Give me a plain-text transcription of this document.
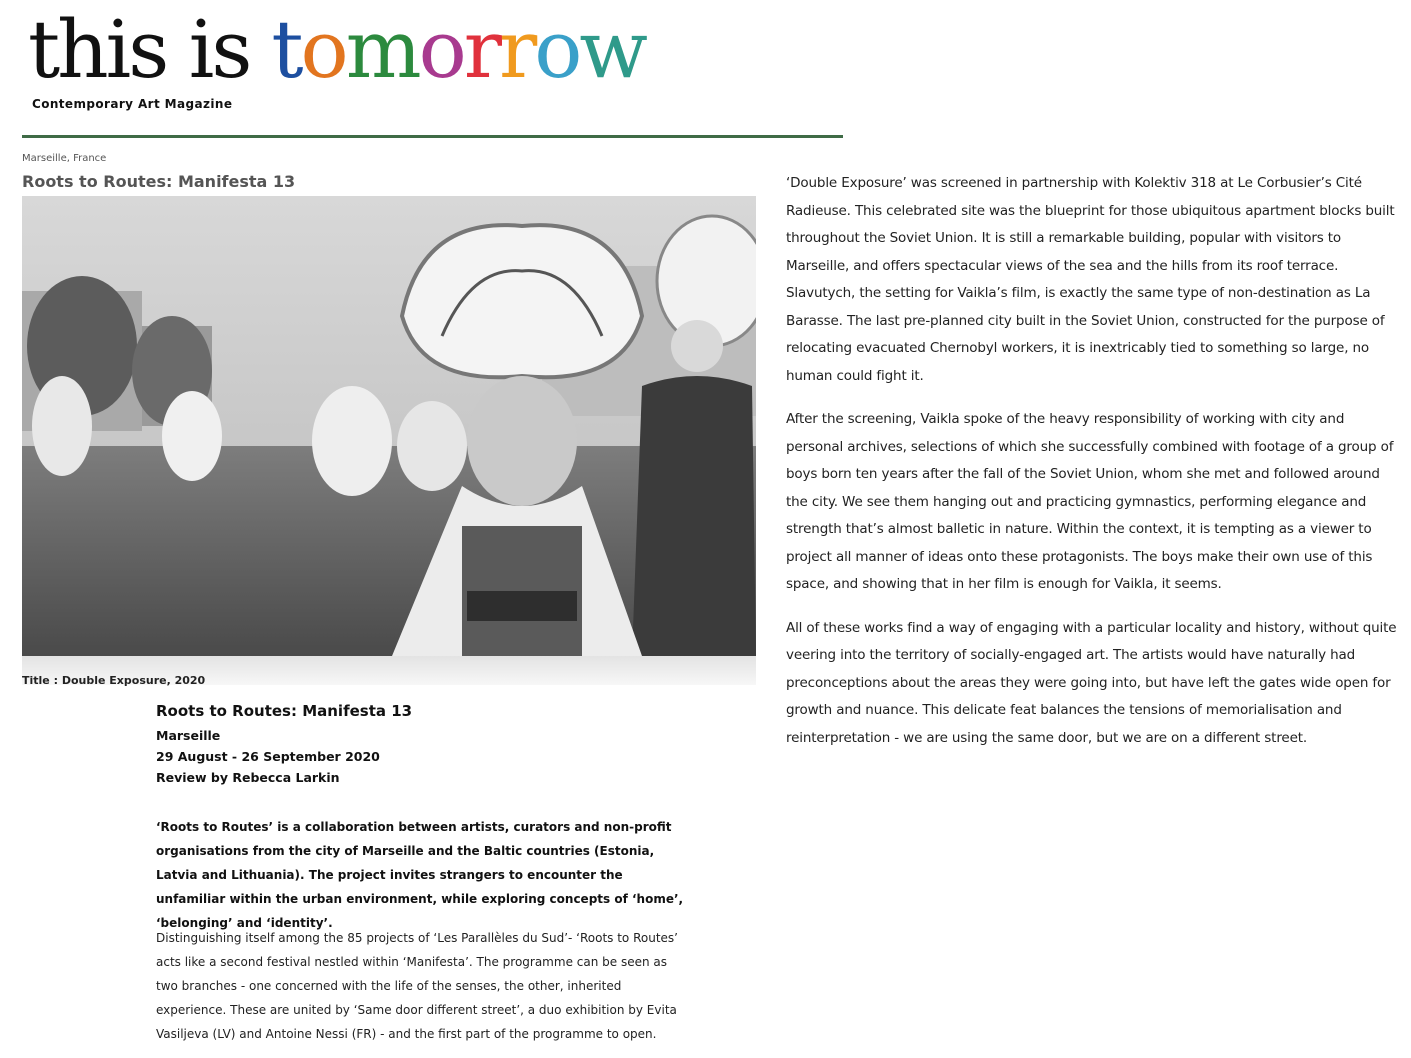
this is tomorrow
Contemporary Art Magazine
Marseille, France
Roots to Routes: Manifesta 13
Title : Double Exposure, 2020
Roots to Routes: Manifesta 13
Marseille
29 August - 26 September 2020
Review by Rebecca Larkin

‘Roots to Routes’ is a collaboration between artists, curators and non-profit organisations from the city of Marseille and the Baltic countries (Estonia, Latvia and Lithuania). The project invites strangers to encounter the unfamiliar within the urban environment, while exploring concepts of ‘home’, ‘belonging’ and ‘identity’.

Distinguishing itself among the 85 projects of ‘Les Parallèles du Sud’- ‘Roots to Routes’ acts like a second festival nestled within ‘Manifesta’. The programme can be seen as two branches - one concerned with the life of the senses, the other, inherited experience. These are united by ‘Same door different street’, a duo exhibition by Evita Vasiljeva (LV) and Antoine Nessi (FR) - and the first part of the programme to open.

‘Double Exposure’ was screened in partnership with Kolektiv 318 at Le Corbusier’s Cité Radieuse. This celebrated site was the blueprint for those ubiquitous apartment blocks built throughout the Soviet Union. It is still a remarkable building, popular with visitors to Marseille, and offers spectacular views of the sea and the hills from its roof terrace. Slavutych, the setting for Vaikla’s film, is exactly the same type of non-destination as La Barasse. The last pre-planned city built in the Soviet Union, constructed for the purpose of relocating evacuated Chernobyl workers, it is inextricably tied to something so large, no human could fight it.

After the screening, Vaikla spoke of the heavy responsibility of working with city and personal archives, selections of which she successfully combined with footage of a group of boys born ten years after the fall of the Soviet Union, whom she met and followed around the city. We see them hanging out and practicing gymnastics, performing elegance and strength that’s almost balletic in nature. Within the context, it is tempting as a viewer to project all manner of ideas onto these protagonists. The boys make their own use of this space, and showing that in her film is enough for Vaikla, it seems.

All of these works find a way of engaging with a particular locality and history, without quite veering into the territory of socially-engaged art. The artists would have naturally had preconceptions about the areas they were going into, but have left the gates wide open for growth and nuance. This delicate feat balances the tensions of memorialisation and reinterpretation - we are using the same door, but we are on a different street.
